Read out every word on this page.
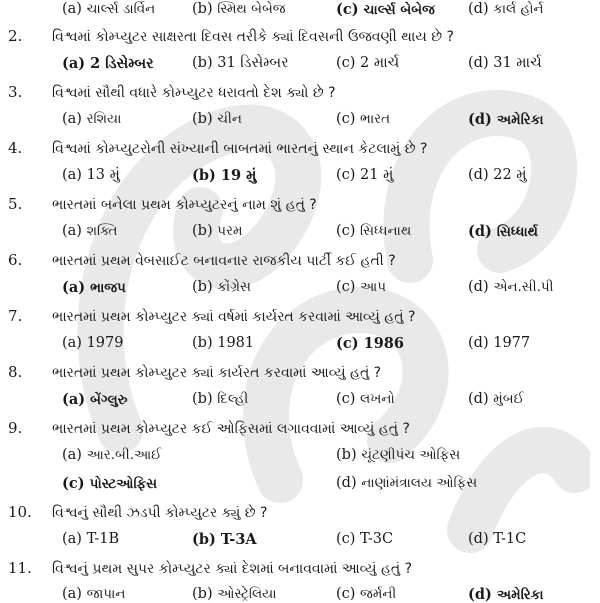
(a) ચાર્લ્સ ડાર્વિન	(b) સ્મિથ બેબેજ	(c) ચાર્લ્સ બેબેજ (d) કાર્લ હોર્ન
2. વિશ્વમાં કોમ્પ્યુટર સાક્ષરતા દિવસ તરીકે ક્યાં દિવસની ઉજવણી થાય છે ?
(a) 2 ડિસેમ્બર	(b) 31 ડિસેમ્બર	(c) 2 માર્ચ	(d) 31 માર્ચ
3. વિશ્વમાં સૌથી વધારે કોમ્પ્યુટર ધરાવતો દેશ ક્યો છે ?
(a) રશિયા	(b) ચીન	(c) ભારત	(d) અમેરિકા
4. વિશ્વમાં કોમ્પ્યુટરોની સંખ્યાની બાબતમાં ભારતનું સ્થાન કેટલામું છે ?
(a) 13 મું	(b) 19 મું	(c) 21 મું	(d) 22 મું
5. ભારતમાં બનેલા પ્રથમ કોમ્પ્યુટરનું નામ શું હતું ?
(a) શક્તિ	(b) પરમ	(c) સિધ્ધનાથ	(d) સિધ્ધાર્થ
6. ભારતમાં પ્રથમ વેબસાઈટ બનાવનાર રાજકીય પાર્ટી કઈ હતી ?
(a) ભાજપ	(b) કોંગ્રેસ	(c) આપ	(d) એન.સી.પી
7. ભારતમાં પ્રથમ કોમ્પ્યુટર ક્યાં વર્ષમાં કાર્યરત કરવામાં આવ્યું હતું ?
(a) 1979	(b) 1981	(c) 1986	(d) 1977
8. ભારતમાં પ્રથમ કોમ્પ્યુટર ક્યાં કાર્યરત કરવામાં આવ્યું હતું ?
(a) બેંગ્લુરુ	(b) દિલ્હી	(c) લખનો	(d) મુંબઈ
9. ભારતમાં પ્રથમ કોમ્પ્યુટર કઈ ઓફિસમાં લગાવવામાં આવ્યું હતું ?
(a) આર.બી.આઈ	(b) ચૂંટણીપંચ ઓફિસ
(c) પોસ્ટઓફિસ	(d) નાણાંમંત્રાલય ઓફિસ
10. વિશ્વનું સૌથી ઝડપી કોમ્પ્યુટર ક્યું છે ?
(a) T-1B	(b) T-3A	(c) T-3C	(d) T-1C
11. વિશ્વનું પ્રથમ સુપર કોમ્પ્યુટર ક્યાં દેશમાં બનાવવામાં આવ્યું હતું ?
(a) જાપાન	(b) ઓસ્ટ્રેલિયા	(c) જર્મની	(d) અમેરિકા
